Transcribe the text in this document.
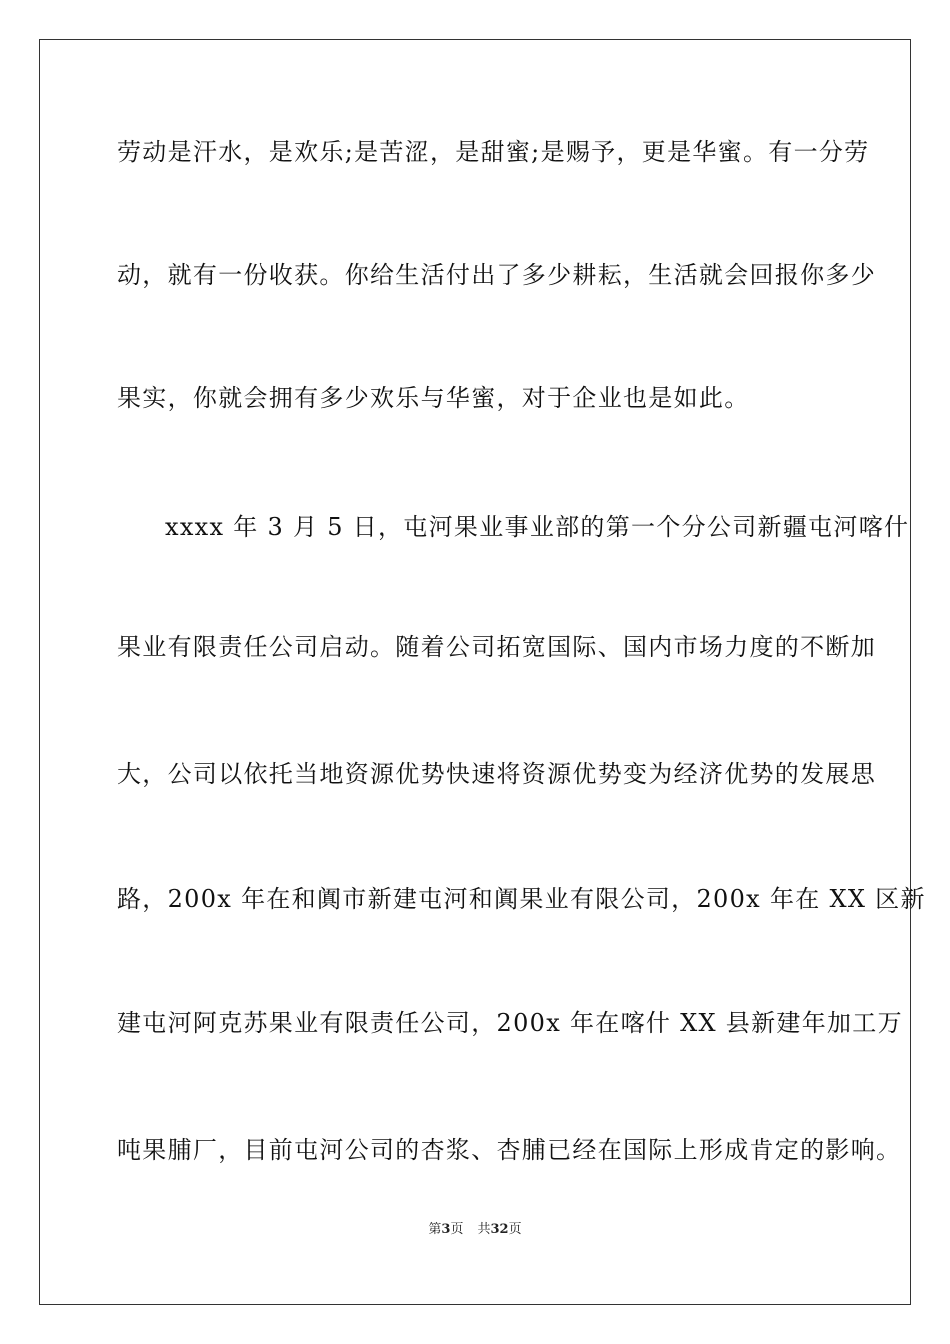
劳动是汗水，是欢乐;是苦涩，是甜蜜;是赐予，更是华蜜。有一分劳
动，就有一份收获。你给生活付出了多少耕耘，生活就会回报你多少
果实，你就会拥有多少欢乐与华蜜，对于企业也是如此。
xxxx 年 3 月 5 日，屯河果业事业部的第一个分公司新疆屯河喀什
果业有限责任公司启动。随着公司拓宽国际、国内市场力度的不断加
大，公司以依托当地资源优势快速将资源优势变为经济优势的发展思
路，200x 年在和阗市新建屯河和阗果业有限公司，200x 年在 XX 区新
建屯河阿克苏果业有限责任公司，200x 年在喀什 XX 县新建年加工万
吨果脯厂，目前屯河公司的杏浆、杏脯已经在国际上形成肯定的影响。
第3页 共32页
